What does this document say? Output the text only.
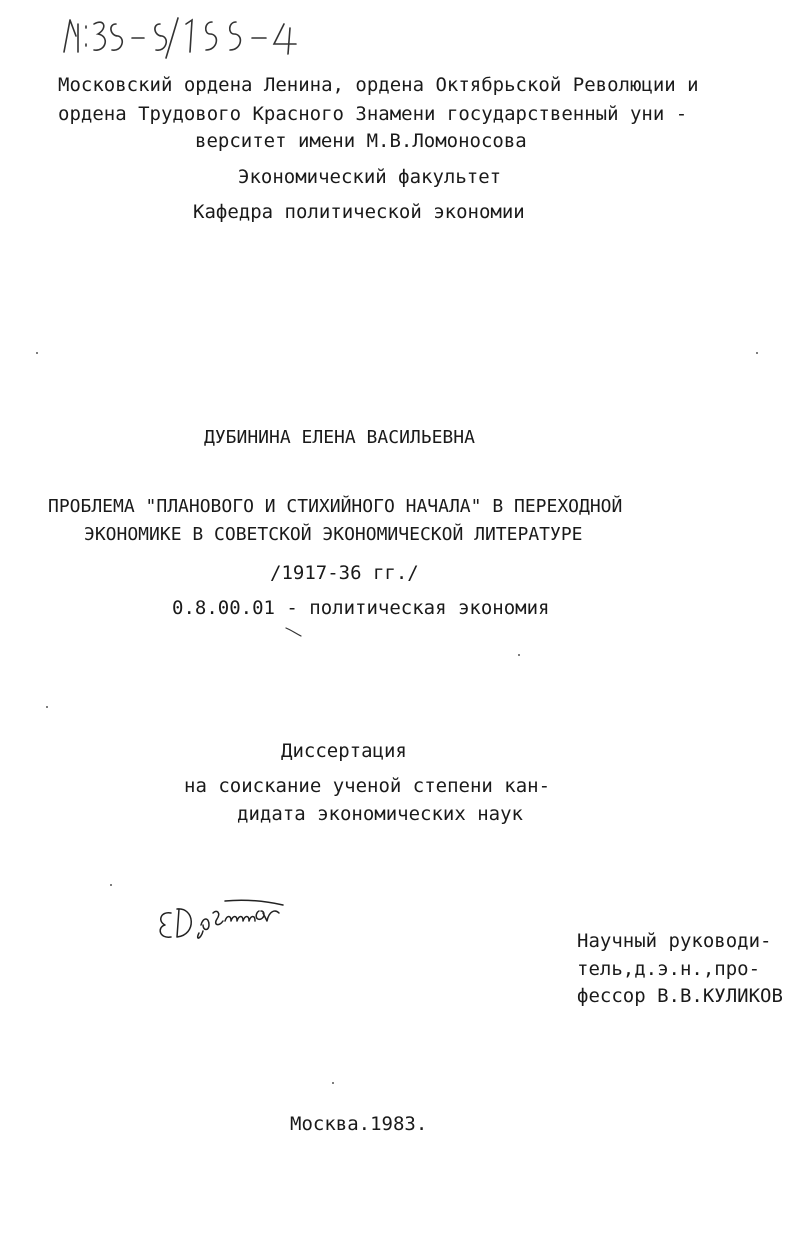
Московский ордена Ленина, ордена Октябрьской Революции и
ордена Трудового Красного Знамени государственный уни -
верситет имени М.В.Ломоносова
Экономический факультет
Кафедра политической экономии
ДУБИНИНА ЕЛЕНА ВАСИЛЬЕВНА
ПРОБЛЕМА "ПЛАНОВОГО И СТИХИЙНОГО НАЧАЛА" В ПЕРЕХОДНОЙ
ЭКОНОМИКЕ В СОВЕТСКОЙ ЭКОНОМИЧЕСКОЙ ЛИТЕРАТУРЕ
/1917-36 гг./
0.8.00.01 - политическая экономия
Диссертация
на соискание ученой степени кан-
дидата экономических наук
Научный руководи-
тель,д.э.н.,про-
фессор В.В.КУЛИКОВ
Москва.1983.
